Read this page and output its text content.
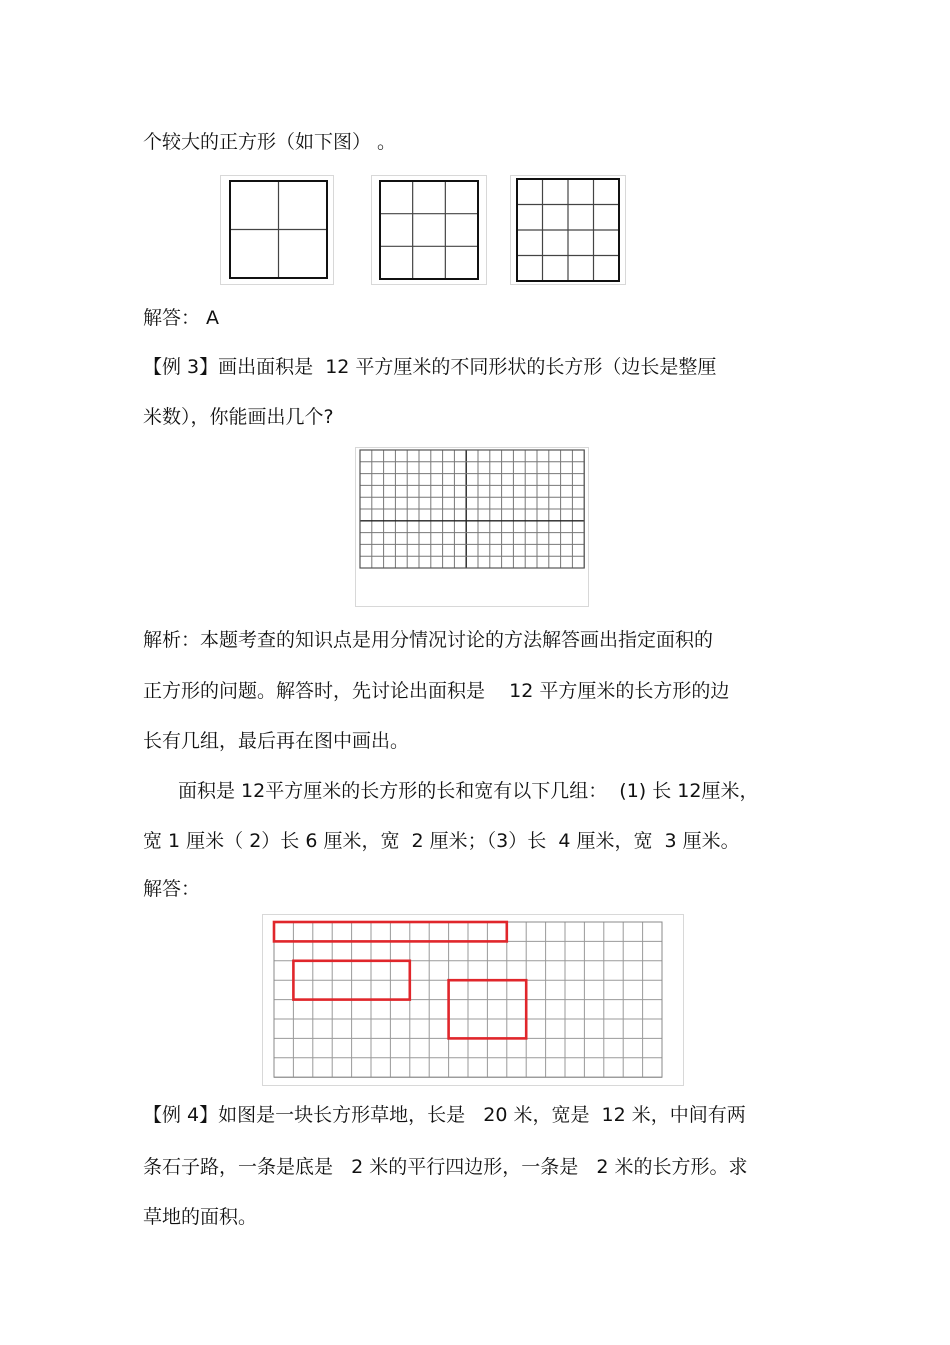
个较大的正方形（如下图） 。
解答： A
【例 3】画出面积是  12 平方厘米的不同形状的长方形（边长是整厘
米数），你能画出几个?
解析：本题考查的知识点是用分情况讨论的方法解答画出指定面积的
正方形的问题。解答时，先讨论出面积是    12 平方厘米的长方形的边
长有几组，最后再在图中画出。
面积是 12平方厘米的长方形的长和宽有以下几组：  (1) 长 12厘米，
宽 1 厘米（ 2）长 6 厘米，宽  2 厘米；（3）长  4 厘米，宽  3 厘米。
解答：
【例 4】如图是一块长方形草地，长是   20 米，宽是  12 米，中间有两
条石子路，一条是底是   2 米的平行四边形，一条是   2 米的长方形。求
草地的面积。
